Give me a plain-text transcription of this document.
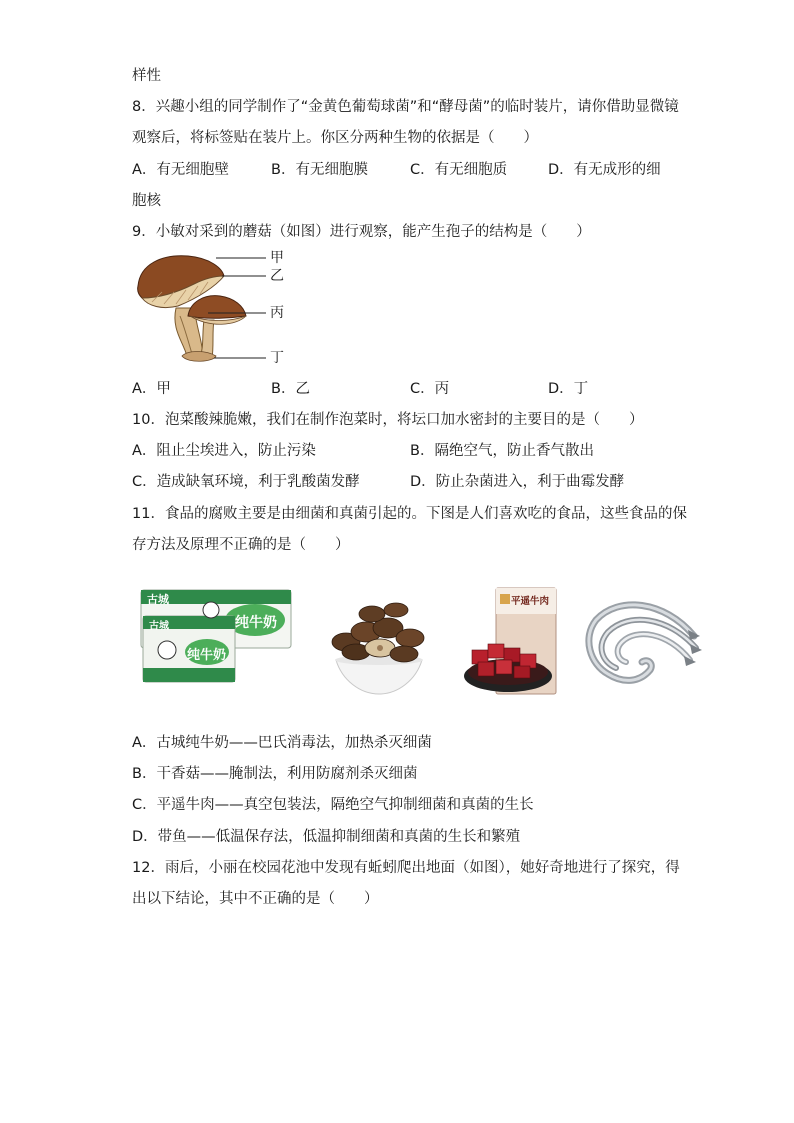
样性
8．兴趣小组的同学制作了“金黄色葡萄球菌”和“酵母菌”的临时装片，请你借助显微镜
观察后，将标签贴在装片上。你区分两种生物的依据是（　　）
A．有无细胞壁	B．有无细胞膜	C．有无细胞质	D．有无成形的细
胞核
9．小敏对采到的蘑菇（如图）进行观察，能产生孢子的结构是（　　）
甲
乙
丙
丁
A．甲	B．乙	C．丙	D．丁
10．泡菜酸辣脆嫩，我们在制作泡菜时，将坛口加水密封的主要目的是（　　）
A．阻止尘埃进入，防止污染	B．隔绝空气，防止香气散出
C．造成缺氧环境，利于乳酸菌发酵	D．防止杂菌进入，利于曲霉发酵
11．食品的腐败主要是由细菌和真菌引起的。下图是人们喜欢吃的食品，这些食品的保
存方法及原理不正确的是（　　）
古城
纯牛奶
古城
纯牛奶
平遥牛肉
A．古城纯牛奶——巴氏消毒法，加热杀灭细菌
B．干香菇——腌制法，利用防腐剂杀灭细菌
C．平遥牛肉——真空包装法，隔绝空气抑制细菌和真菌的生长
D．带鱼——低温保存法，低温抑制细菌和真菌的生长和繁殖
12．雨后，小丽在校园花池中发现有蚯蚓爬出地面（如图），她好奇地进行了探究，得
出以下结论，其中不正确的是（　　）
